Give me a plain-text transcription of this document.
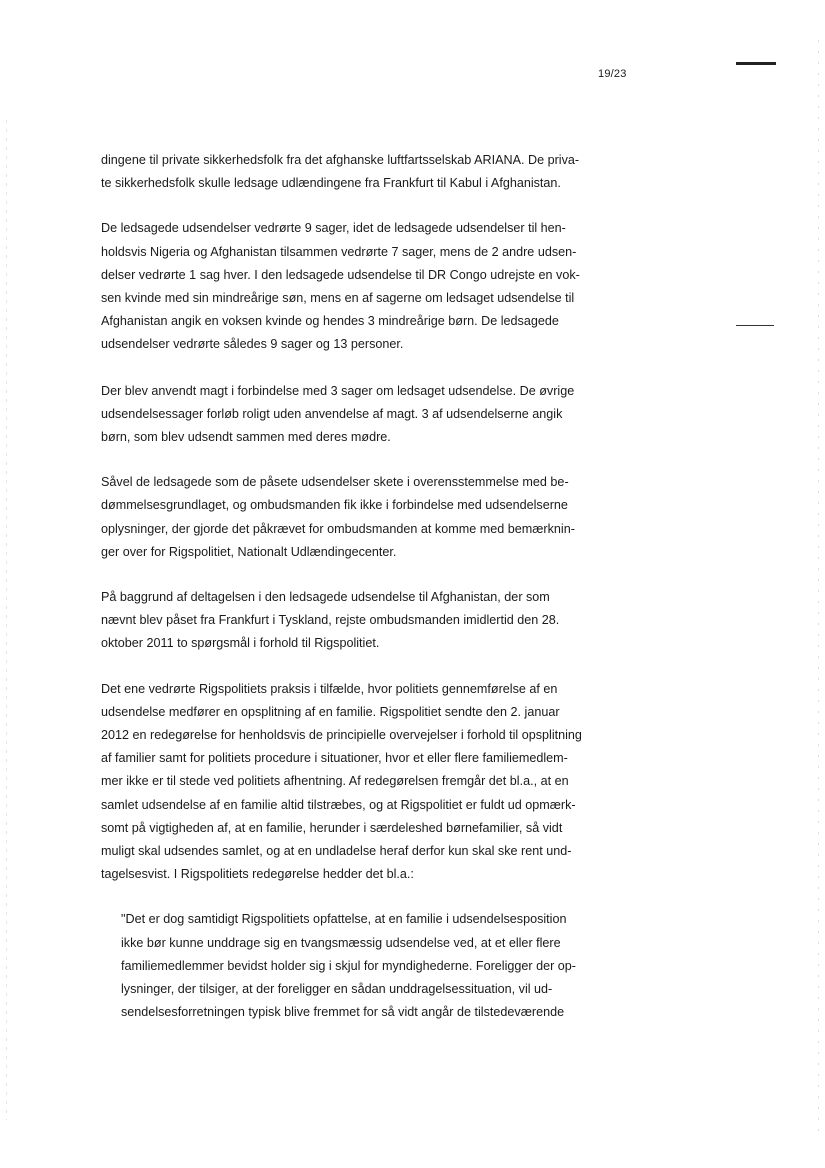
19/23

dingene til private sikkerhedsfolk fra det afghanske luftfartsselskab ARIANA. De priva-
te sikkerhedsfolk skulle ledsage udlændingene fra Frankfurt til Kabul i Afghanistan.

De ledsagede udsendelser vedrørte 9 sager, idet de ledsagede udsendelser til hen-
holdsvis Nigeria og Afghanistan tilsammen vedrørte 7 sager, mens de 2 andre udsen-
delser vedrørte 1 sag hver. I den ledsagede udsendelse til DR Congo udrejste en vok-
sen kvinde med sin mindreårige søn, mens en af sagerne om ledsaget udsendelse til
Afghanistan angik en voksen kvinde og hendes 3 mindreårige børn. De ledsagede
udsendelser vedrørte således 9 sager og 13 personer.

Der blev anvendt magt i forbindelse med 3 sager om ledsaget udsendelse. De øvrige
udsendelsessager forløb roligt uden anvendelse af magt. 3 af udsendelserne angik
børn, som blev udsendt sammen med deres mødre.

Såvel de ledsagede som de påsete udsendelser skete i overensstemmelse med be-
dømmelsesgrundlaget, og ombudsmanden fik ikke i forbindelse med udsendelserne
oplysninger, der gjorde det påkrævet for ombudsmanden at komme med bemærknin-
ger over for Rigspolitiet, Nationalt Udlændingecenter.

På baggrund af deltagelsen i den ledsagede udsendelse til Afghanistan, der som
nævnt blev påset fra Frankfurt i Tyskland, rejste ombudsmanden imidlertid den 28.
oktober 2011 to spørgsmål i forhold til Rigspolitiet.

Det ene vedrørte Rigspolitiets praksis i tilfælde, hvor politiets gennemførelse af en
udsendelse medfører en opsplitning af en familie. Rigspolitiet sendte den 2. januar
2012 en redegørelse for henholdsvis de principielle overvejelser i forhold til opsplitning
af familier samt for politiets procedure i situationer, hvor et eller flere familiemedlem-
mer ikke er til stede ved politiets afhentning. Af redegørelsen fremgår det bl.a., at en
samlet udsendelse af en familie altid tilstræbes, og at Rigspolitiet er fuldt ud opmærk-
somt på vigtigheden af, at en familie, herunder i særdeleshed børnefamilier, så vidt
muligt skal udsendes samlet, og at en undladelse heraf derfor kun skal ske rent und-
tagelsesvist. I Rigspolitiets redegørelse hedder det bl.a.:

"Det er dog samtidigt Rigspolitiets opfattelse, at en familie i udsendelsesposition
ikke bør kunne unddrage sig en tvangsmæssig udsendelse ved, at et eller flere
familiemedlemmer bevidst holder sig i skjul for myndighederne. Foreligger der op-
lysninger, der tilsiger, at der foreligger en sådan unddragelsessituation, vil ud-
sendelsesforretningen typisk blive fremmet for så vidt angår de tilstedeværende
